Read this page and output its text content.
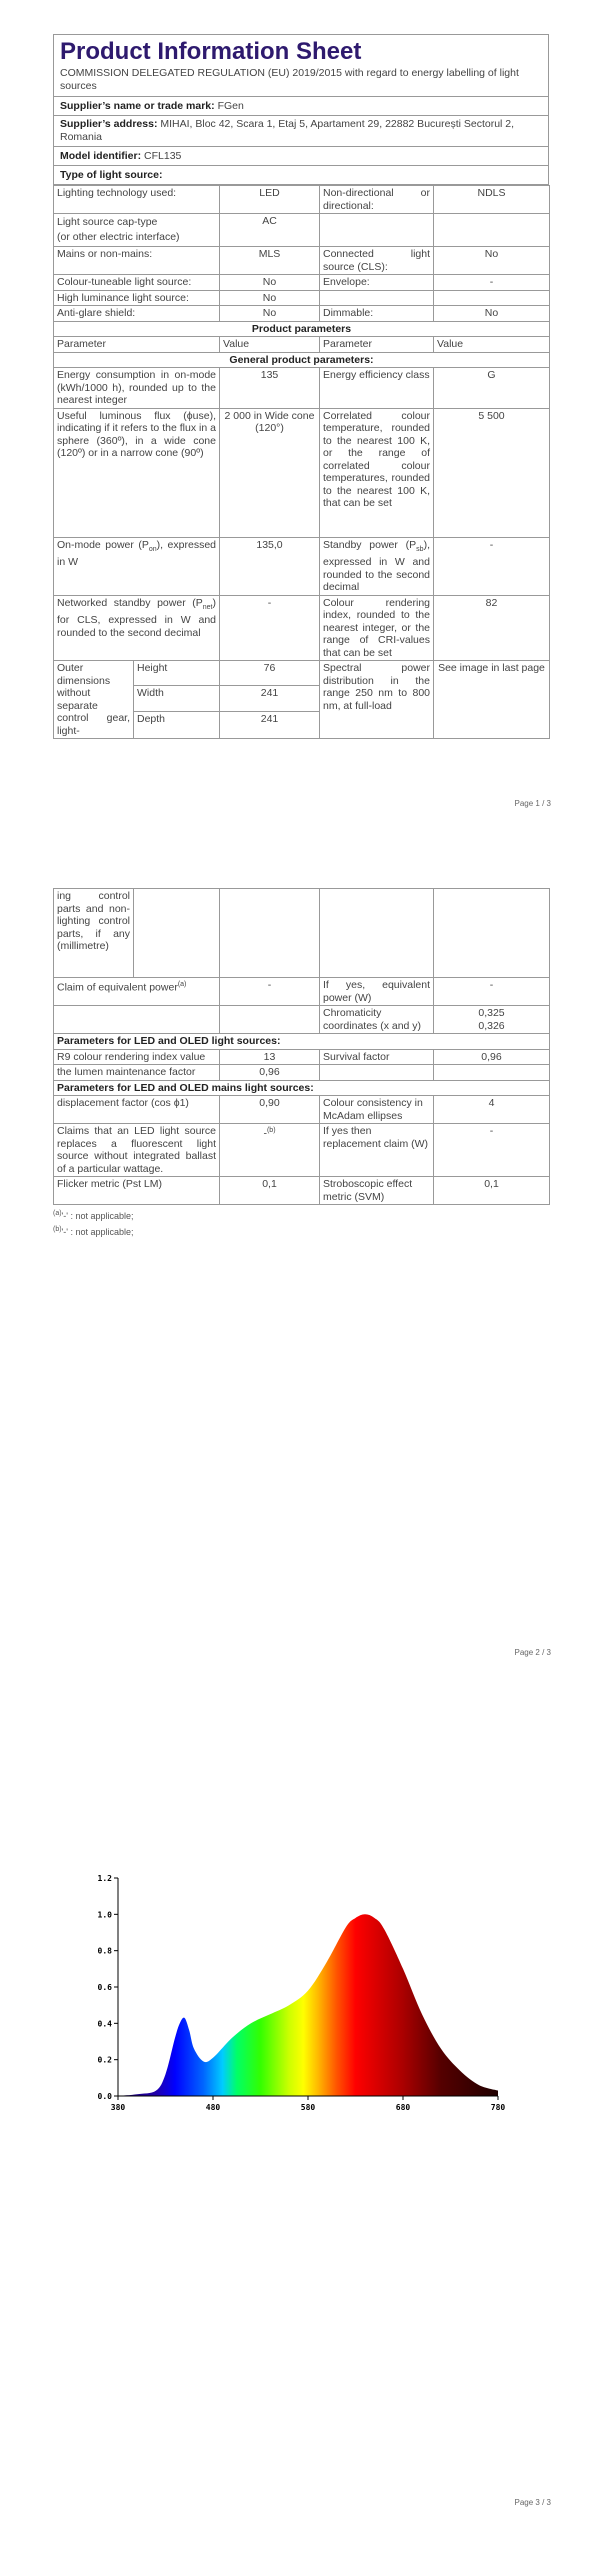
Product Information Sheet
COMMISSION DELEGATED REGULATION (EU) 2019/2015 with regard to energy labelling of light sources
Supplier’s name or trade mark: FGen
Supplier’s address: MIHAI, Bloc 42, Scara 1, Etaj 5, Apartament 29, 22882 București Sectorul 2, Romania
Model identifier: CFL135
Type of light source:
Lighting technology used:	LED	Non-directional or directional:	NDLS

Light source cap-type
(or other electric interface)	AC		
Mains or non-mains:	MLS	Connected light source (CLS):	No
Colour-tuneable light source:	No	Envelope:	-
High luminance light source:	No		
Anti-glare shield:	No	Dimmable:	No
Product parameters			
Parameter	Value	Parameter	Value
General product parameters:			
Energy consumption in on-mode (kWh/1000 h), rounded up to the nearest integer	135	Energy efficiency class	G
Useful luminous flux (ϕuse), indicating if it refers to the flux in a sphere (360º), in a wide cone (120º) or in a narrow cone (90º)	2 000 in Wide cone (120°)	Correlated colour temperature, rounded to the nearest 100 K, or the range of correlated colour temperatures, rounded to the nearest 100 K, that can be set	5 500
On-mode power $(P_{on})$, expressed in W	135,0	Standby power $(P_{sb})$, expressed in W and rounded to the second decimal	-
Networked standby power $(P_{net})$ for CLS, expressed in W and rounded to the second decimal	-	Colour rendering index, rounded to the nearest integer, or the range of CRI-values that can be set	82
Outer dimensions without separate control gear, light-	Height	76	Spectral power distribution in the range 250 nm to 800 nm, at full-load	See image in last page
	Width	241		
	Depth	241		
Page 1 / 3
ing control parts and non-lighting control parts, if any (millimetre)				
Claim of equivalent power$^{(a)}$	-	If yes, equivalent power (W)	-
		Chromaticity coordinates (x and y)	0,325
0,326

Parameters for LED and OLED light sources:			
R9 colour rendering index value	13	Survival factor	0,96
the lumen maintenance factor	0,96		
Parameters for LED and OLED mains light sources:			
displacement factor (cos ϕ1)	0,90	Colour consistency in McAdam ellipses	4
Claims that an LED light source replaces a fluorescent light source without integrated ballast of a particular wattage.	-$^{(b)}$	If yes then replacement claim (W)	-
Flicker metric (Pst LM)	0,1	Stroboscopic effect metric (SVM)	0,1
$^{(a)}$'-' : not applicable;
$^{(b)}$'-' : not applicable;
Page 2 / 3
0.0
0.2
0.4
0.6
0.8
1.0
1.2
380	480	580	680	780
Page 3 / 3
